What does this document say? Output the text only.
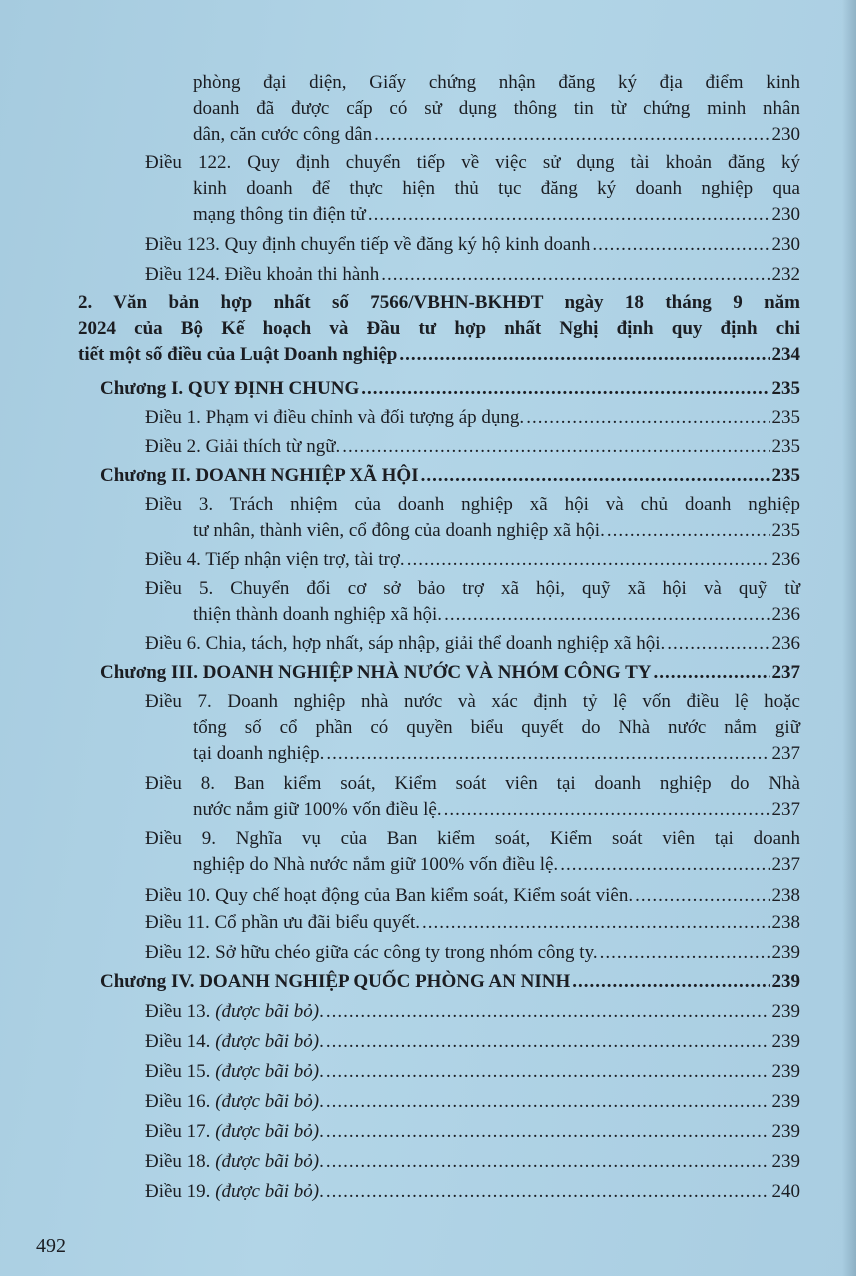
phòng đại diện, Giấy chứng nhận đăng ký địa điểm kinh
doanh đã được cấp có sử dụng thông tin từ chứng minh nhân
dân, căn cước công dân .....	230
Điều 122. Quy định chuyển tiếp về việc sử dụng tài khoản đăng ký
kinh doanh để thực hiện thủ tục đăng ký doanh nghiệp qua
mạng thông tin điện tử .....	230
Điều 123. Quy định chuyển tiếp về đăng ký hộ kinh doanh .....	230
Điều 124. Điều khoản thi hành .....	232
2. Văn bản hợp nhất số 7566/VBHN-BKHĐT ngày 18 tháng 9 năm
2024 của Bộ Kế hoạch và Đầu tư hợp nhất Nghị định quy định chi
tiết một số điều của Luật Doanh nghiệp .....	234
Chương I. QUY ĐỊNH CHUNG .....	235
Điều 1. Phạm vi điều chỉnh và đối tượng áp dụng. .....	235
Điều 2. Giải thích từ ngữ. .....	235
Chương II. DOANH NGHIỆP XÃ HỘI .....	235
Điều 3. Trách nhiệm của doanh nghiệp xã hội và chủ doanh nghiệp
tư nhân, thành viên, cổ đông của doanh nghiệp xã hội. .....	235
Điều 4. Tiếp nhận viện trợ, tài trợ. .....	236
Điều 5. Chuyển đổi cơ sở bảo trợ xã hội, quỹ xã hội và quỹ từ
thiện thành doanh nghiệp xã hội. .....	236
Điều 6. Chia, tách, hợp nhất, sáp nhập, giải thể doanh nghiệp xã hội. .....	236
Chương III. DOANH NGHIỆP NHÀ NƯỚC VÀ NHÓM CÔNG TY .....	237
Điều 7. Doanh nghiệp nhà nước và xác định tỷ lệ vốn điều lệ hoặc
tổng số cổ phần có quyền biểu quyết do Nhà nước nắm giữ
tại doanh nghiệp. .....	237
Điều 8. Ban kiểm soát, Kiểm soát viên tại doanh nghiệp do Nhà
nước nắm giữ 100% vốn điều lệ. .....	237
Điều 9. Nghĩa vụ của Ban kiểm soát, Kiểm soát viên tại doanh
nghiệp do Nhà nước nắm giữ 100% vốn điều lệ. .....	237
Điều 10. Quy chế hoạt động của Ban kiểm soát, Kiểm soát viên. .....	238
Điều 11. Cổ phần ưu đãi biểu quyết. .....	238
Điều 12. Sở hữu chéo giữa các công ty trong nhóm công ty. .....	239
Chương IV. DOANH NGHIỆP QUỐC PHÒNG AN NINH .....	239
Điều 13. (được bãi bỏ). .....	239
Điều 14. (được bãi bỏ). .....	239
Điều 15. (được bãi bỏ). .....	239
Điều 16. (được bãi bỏ). .....	239
Điều 17. (được bãi bỏ). .....	239
Điều 18. (được bãi bỏ). .....	239
Điều 19. (được bãi bỏ). .....	240
492
